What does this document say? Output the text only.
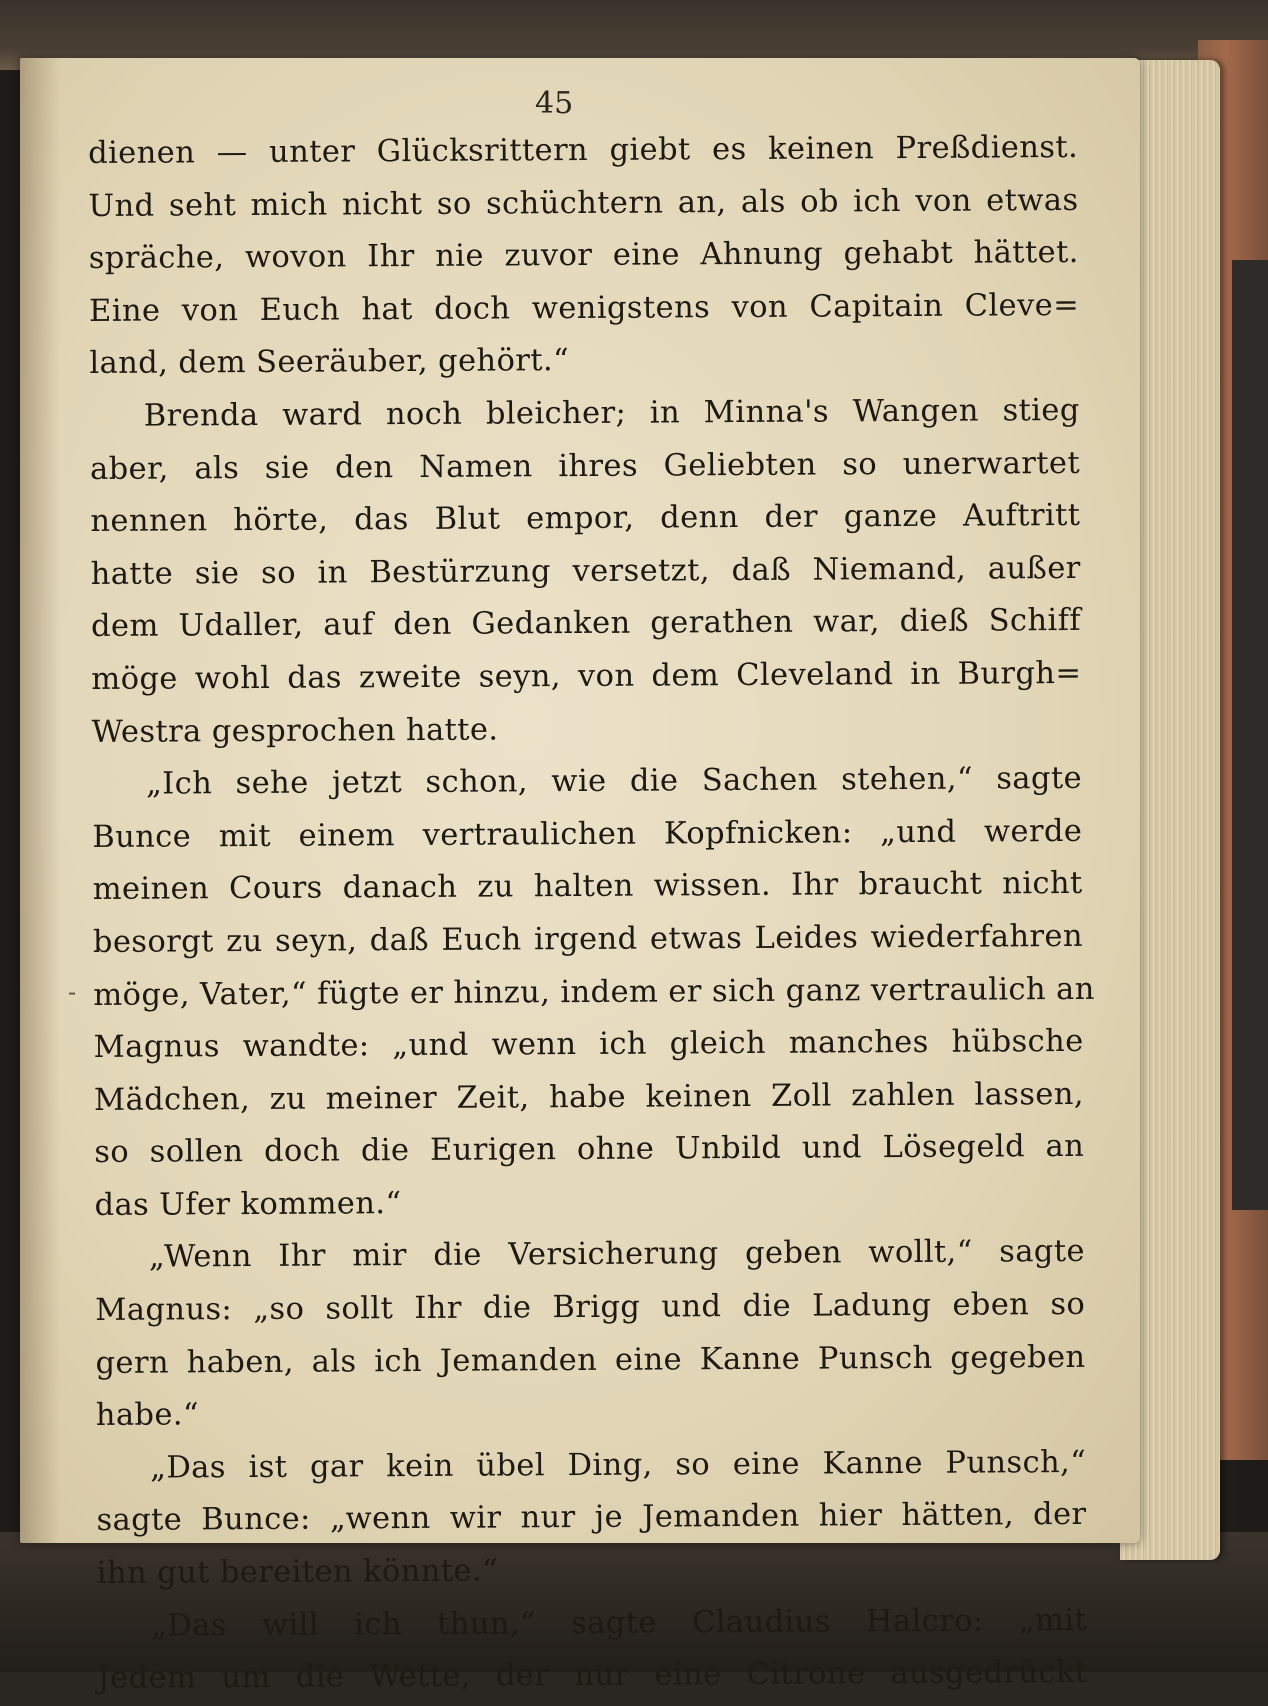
45
-
dienen — unter Glücksrittern giebt es keinen Preßdienst.
Und seht mich nicht so schüchtern an, als ob ich von etwas
spräche, wovon Ihr nie zuvor eine Ahnung gehabt hättet.
Eine von Euch hat doch wenigstens von Capitain Cleve=
land, dem Seeräuber, gehört.“
Brenda ward noch bleicher; in Minna's Wangen stieg
aber, als sie den Namen ihres Geliebten so unerwartet
nennen hörte, das Blut empor, denn der ganze Auftritt
hatte sie so in Bestürzung versetzt, daß Niemand, außer
dem Udaller, auf den Gedanken gerathen war, dieß Schiff
möge wohl das zweite seyn, von dem Cleveland in Burgh=
Westra gesprochen hatte.
„Ich sehe jetzt schon, wie die Sachen stehen,“ sagte
Bunce mit einem vertraulichen Kopfnicken: „und werde
meinen Cours danach zu halten wissen. Ihr braucht nicht
besorgt zu seyn, daß Euch irgend etwas Leides wiederfahren
möge, Vater,“ fügte er hinzu, indem er sich ganz vertraulich an
Magnus wandte: „und wenn ich gleich manches hübsche
Mädchen, zu meiner Zeit, habe keinen Zoll zahlen lassen,
so sollen doch die Eurigen ohne Unbild und Lösegeld an
das Ufer kommen.“
„Wenn Ihr mir die Versicherung geben wollt,“ sagte
Magnus: „so sollt Ihr die Brigg und die Ladung eben so
gern haben, als ich Jemanden eine Kanne Punsch gegeben
habe.“
„Das ist gar kein übel Ding, so eine Kanne Punsch,“
sagte Bunce: „wenn wir nur je Jemanden hier hätten, der
ihn gut bereiten könnte.“
„Das will ich thun,“ sagte Claudius Halcro: „mit
Jedem um die Wette, der nur eine Citrone ausgedrückt
